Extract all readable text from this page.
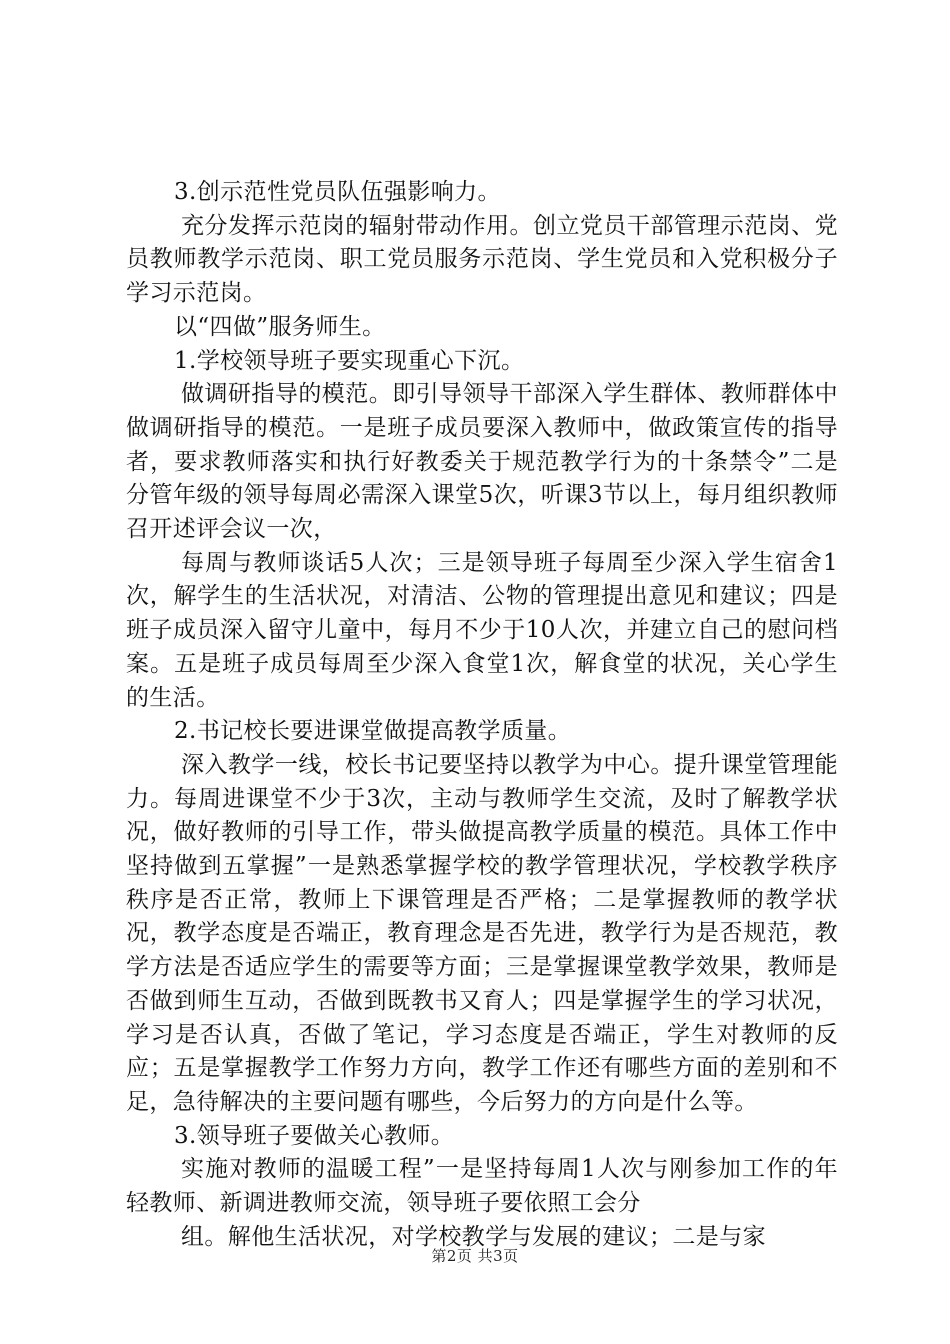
3.创示范性党员队伍强影响力。

充分发挥示范岗的辐射带动作用。创立党员干部管理示范岗、党员教师教学示范岗、职工党员服务示范岗、学生党员和入党积极分子学习示范岗。

以“四做”服务师生。

1.学校领导班子要实现重心下沉。

做调研指导的模范。即引导领导干部深入学生群体、教师群体中做调研指导的模范。一是班子成员要深入教师中，做政策宣传的指导者，要求教师落实和执行好教委关于规范教学行为的十条禁令”二是分管年级的领导每周必需深入课堂5次，听课3节以上，每月组织教师召开述评会议一次，

每周与教师谈话5人次；三是领导班子每周至少深入学生宿舍1次，解学生的生活状况，对清洁、公物的管理提出意见和建议；四是班子成员深入留守儿童中，每月不少于10人次，并建立自己的慰问档案。五是班子成员每周至少深入食堂1次，解食堂的状况，关心学生的生活。

2.书记校长要进课堂做提高教学质量。

深入教学一线，校长书记要坚持以教学为中心。提升课堂管理能力。每周进课堂不少于3次，主动与教师学生交流，及时了解教学状况，做好教师的引导工作，带头做提高教学质量的模范。具体工作中坚持做到五掌握”一是熟悉掌握学校的教学管理状况，学校教学秩序秩序是否正常，教师上下课管理是否严格；二是掌握教师的教学状况，教学态度是否端正，教育理念是否先进，教学行为是否规范，教学方法是否适应学生的需要等方面；三是掌握课堂教学效果，教师是否做到师生互动，否做到既教书又育人；四是掌握学生的学习状况，学习是否认真，否做了笔记，学习态度是否端正，学生对教师的反应；五是掌握教学工作努力方向，教学工作还有哪些方面的差别和不足，急待解决的主要问题有哪些，今后努力的方向是什么等。

3.领导班子要做关心教师。

实施对教师的温暖工程”一是坚持每周1人次与刚参加工作的年轻教师、新调进教师交流，领导班子要依照工会分

组。解他生活状况，对学校教学与发展的建议；二是与家

第2页 共3页
